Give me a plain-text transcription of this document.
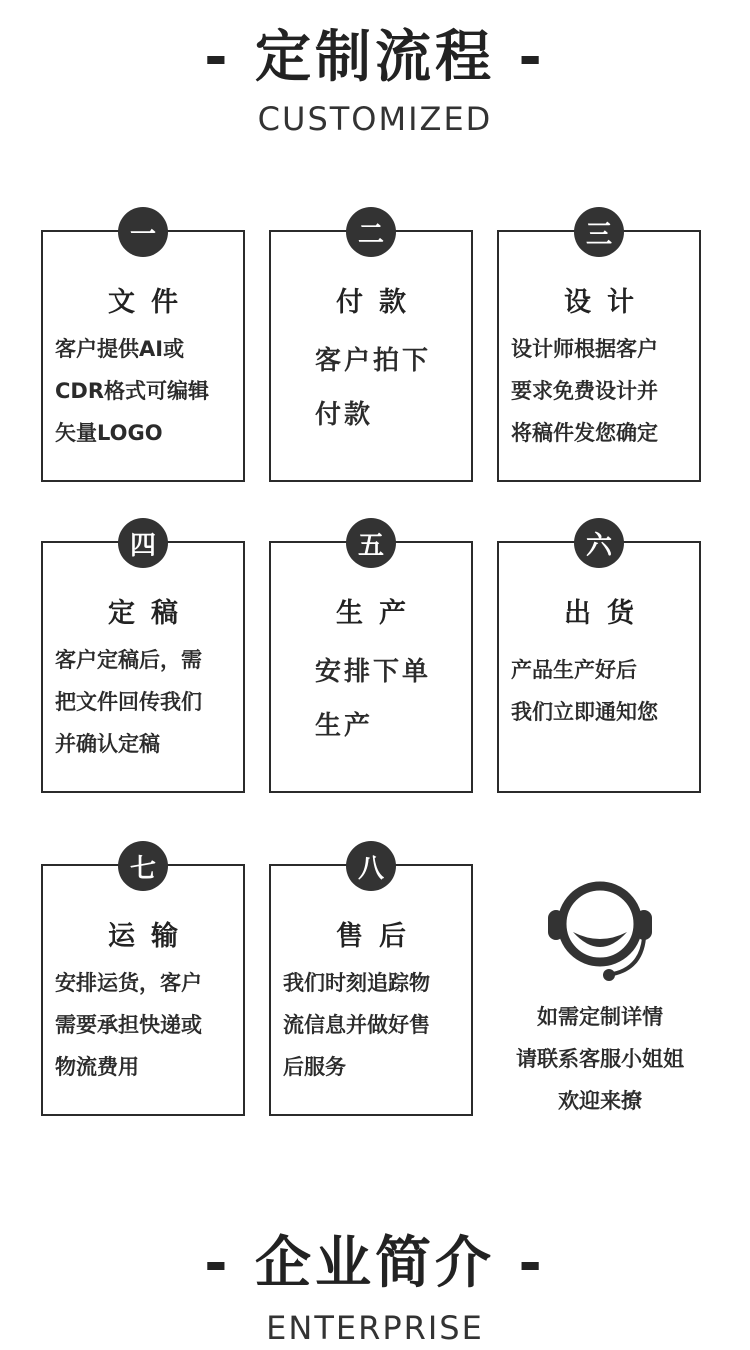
- 定制流程 -
CUSTOMIZED
一
文件
客户提供AI或
CDR格式可编辑
矢量LOGO
二
付款
客户拍下
付款
三
设计
设计师根据客户
要求免费设计并
将稿件发您确定
四
定稿
客户定稿后，需
把文件回传我们
并确认定稿
五
生产
安排下单
生产
六
出货
产品生产好后
我们立即通知您
七
运输
安排运货，客户
需要承担快递或
物流费用
八
售后
我们时刻追踪物
流信息并做好售
后服务
如需定制详情
请联系客服小姐姐
欢迎来撩
- 企业简介 -
ENTERPRISE
